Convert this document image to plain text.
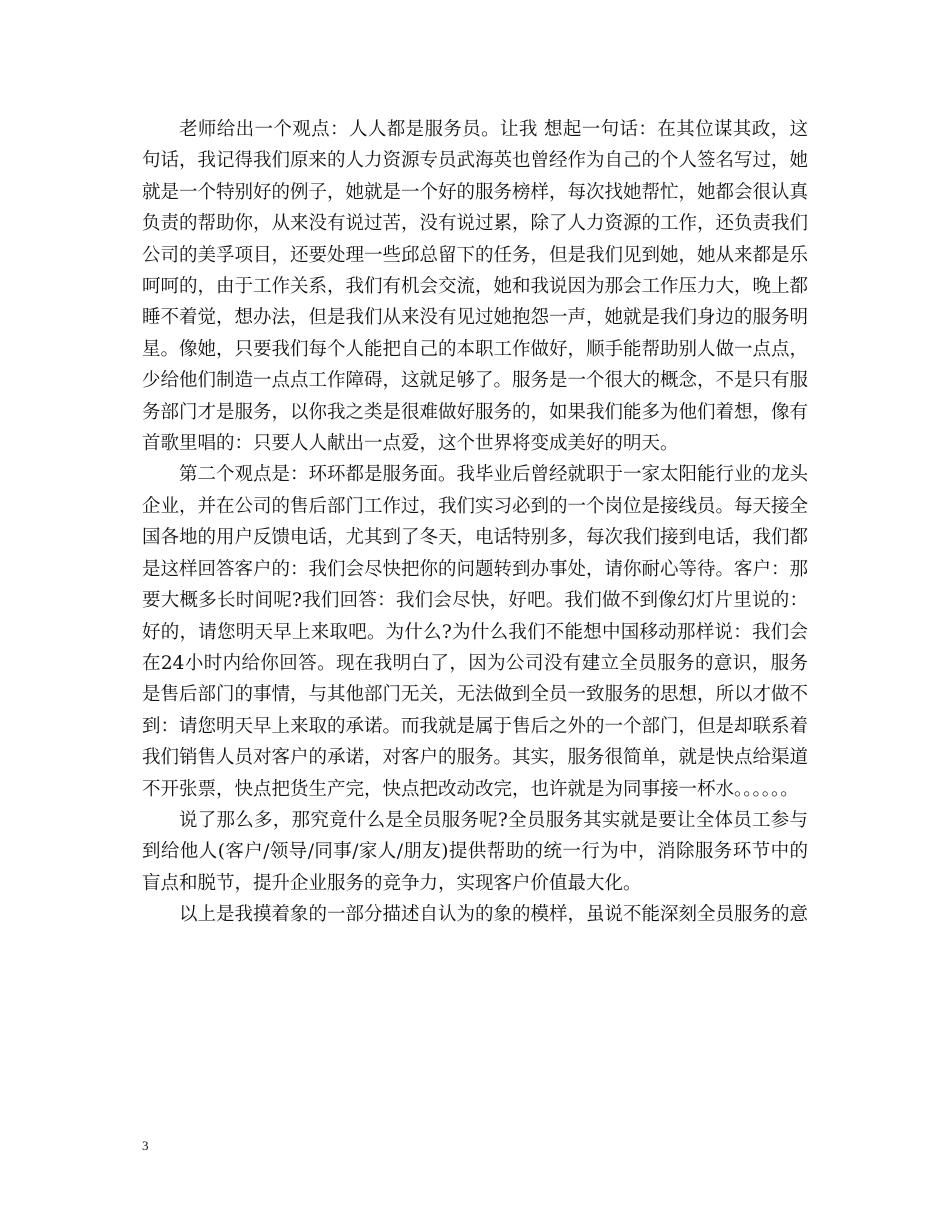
老师给出一个观点：人人都是服务员。让我 想起一句话：在其位谋其政，这句话，我记得我们原来的人力资源专员武海英也曾经作为自己的个人签名写过，她就是一个特别好的例子，她就是一个好的服务榜样，每次找她帮忙，她都会很认真负责的帮助你，从来没有说过苦，没有说过累，除了人力资源的工作，还负责我们公司的美孚项目，还要处理一些邱总留下的任务，但是我们见到她，她从来都是乐呵呵的，由于工作关系，我们有机会交流，她和我说因为那会工作压力大，晚上都睡不着觉，想办法，但是我们从来没有见过她抱怨一声，她就是我们身边的服务明星。像她，只要我们每个人能把自己的本职工作做好，顺手能帮助别人做一点点，少给他们制造一点点工作障碍，这就足够了。服务是一个很大的概念，不是只有服务部门才是服务，以你我之类是很难做好服务的，如果我们能多为他们着想，像有首歌里唱的：只要人人献出一点爱，这个世界将变成美好的明天。

第二个观点是：环环都是服务面。我毕业后曾经就职于一家太阳能行业的龙头企业，并在公司的售后部门工作过，我们实习必到的一个岗位是接线员。每天接全国各地的用户反馈电话，尤其到了冬天，电话特别多，每次我们接到电话，我们都是这样回答客户的：我们会尽快把你的问题转到办事处，请你耐心等待。客户：那要大概多长时间呢?我们回答：我们会尽快，好吧。我们做不到像幻灯片里说的：好的，请您明天早上来取吧。为什么?为什么我们不能想中国移动那样说：我们会在24小时内给你回答。现在我明白了，因为公司没有建立全员服务的意识，服务是售后部门的事情，与其他部门无关，无法做到全员一致服务的思想，所以才做不到：请您明天早上来取的承诺。而我就是属于售后之外的一个部门，但是却联系着我们销售人员对客户的承诺，对客户的服务。其实，服务很简单，就是快点给渠道不开张票，快点把货生产完，快点把改动改完，也许就是为同事接一杯水。。。。。。

说了那么多，那究竟什么是全员服务呢?全员服务其实就是要让全体员工参与到给他人(客户/领导/同事/家人/朋友)提供帮助的统一行为中，消除服务环节中的盲点和脱节，提升企业服务的竞争力，实现客户价值最大化。

以上是我摸着象的一部分描述自认为的象的模样，虽说不能深刻全员服务的意

3
